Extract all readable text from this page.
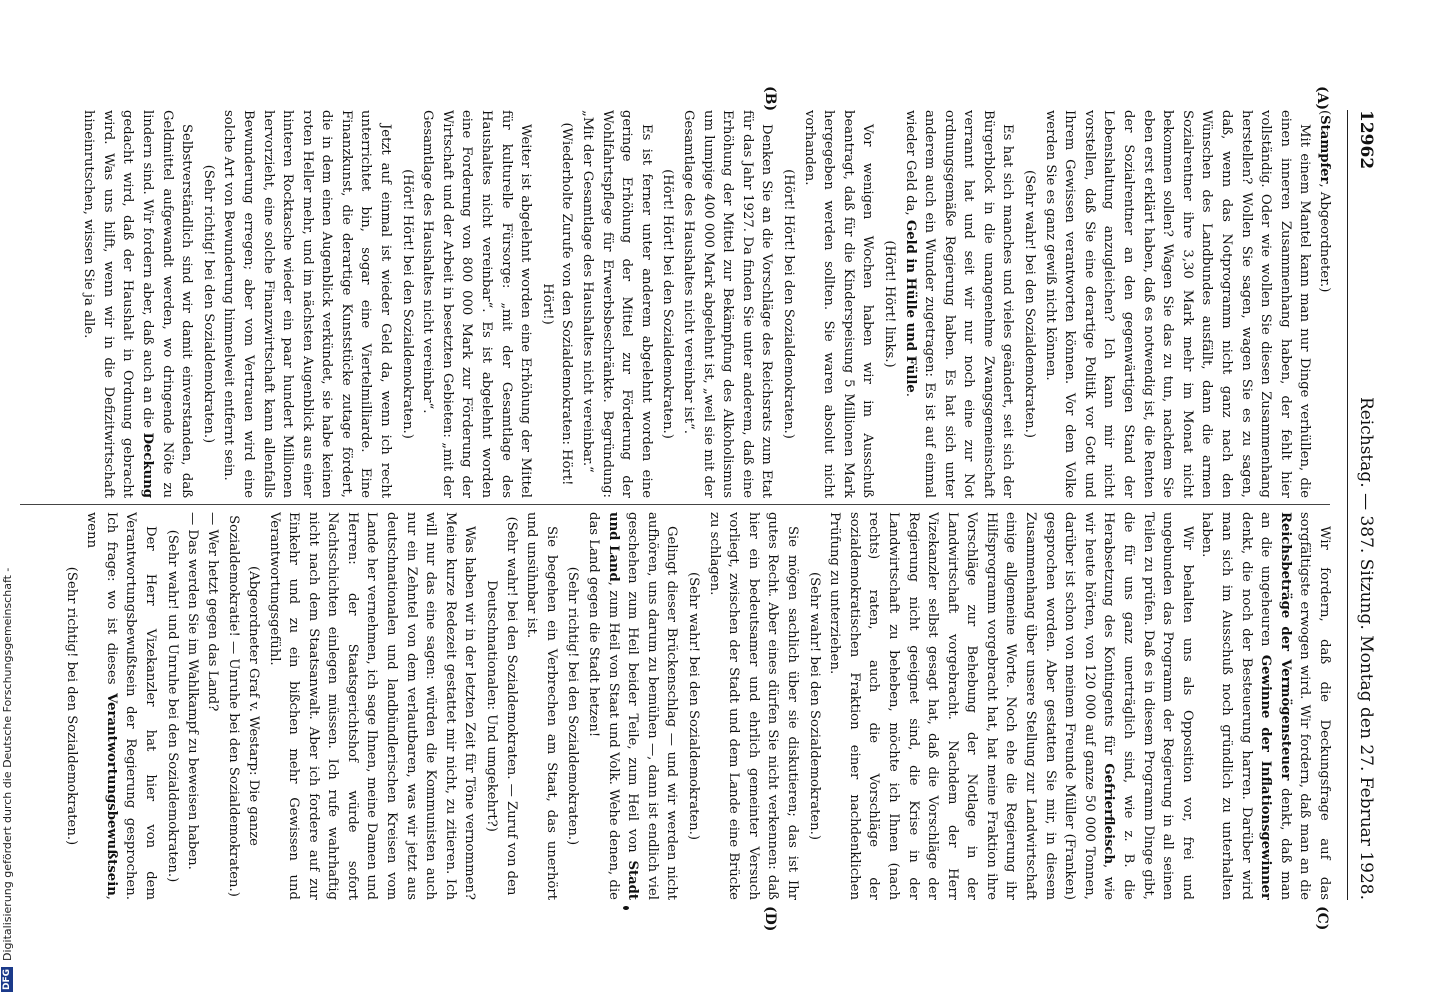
12962
Reichstag. — 387. Sitzung. Montag den 27. Februar 1928.
(A)
(B)
(C)
(D)

(Stampfer, Abgeordneter.)

Mit einem Mantel kann man nur Dinge verhüllen, die einen inneren Zusammenhang haben, der fehlt hier vollständig. Oder wie wollen Sie diesen Zusammenhang herstellen? Wollen Sie sagen, wagen Sie es zu sagen, daß, wenn das Notprogramm nicht ganz nach den Wünschen des Landbundes ausfällt, dann die armen Sozialrentner ihre 3,30 Mark mehr im Monat nicht bekommen sollen? Wagen Sie das zu tun, nachdem Sie eben erst erklärt haben, daß es notwendig ist, die Renten der Sozialrentner an den gegenwärtigen Stand der Lebenshaltung anzugleichen? Ich kann mir nicht vorstellen, daß Sie eine derartige Politik vor Gott und Ihrem Gewissen verantworten können. Vor dem Volke werden Sie es ganz gewiß nicht können.

(Sehr wahr! bei den Sozialdemokraten.)

Es hat sich manches und vieles geändert, seit sich der Bürgerblock in die unangenehme Zwangsgemeinschaft verrannt hat und seit wir nur noch eine zur Not ordnungsgemäße Regierung haben. Es hat sich unter anderem auch ein Wunder zugetragen: Es ist auf einmal wieder Geld da, Geld in Hülle und Fülle.

(Hört! Hört! links.)

Vor wenigen Wochen haben wir im Ausschuß beantragt, daß für die Kinderspeisung 5 Millionen Mark hergegeben werden sollten. Sie waren absolut nicht vorhanden.

(Hört! Hört! bei den Sozialdemokraten.)

Denken Sie an die Vorschläge des Reichsrats zum Etat für das Jahr 1927. Da finden Sie unter anderem, daß eine Erhöhung der Mittel zur Bekämpfung des Alkoholismus um lumpige 400 000 Mark abgelehnt ist, „weil sie mit der Gesamtlage des Haushaltes nicht vereinbar ist“.

(Hört! Hört! bei den Sozialdemokraten.)

Es ist ferner unter anderem abgelehnt worden eine geringe Erhöhung der Mittel zur Förderung der Wohlfahrtspflege für Erwerbsbeschränkte. Begründung: „Mit der Gesamtlage des Haushaltes nicht vereinbar.“

(Wiederholte Zurufe von den Sozialdemokraten: Hört! Hört!)

Weiter ist abgelehnt worden eine Erhöhung der Mittel für kulturelle Fürsorge: „mit der Gesamtlage des Haushaltes nicht vereinbar“. Es ist abgelehnt worden eine Forderung von 800 000 Mark zur Förderung der Wirtschaft und der Arbeit in besetzten Gebieten: „mit der Gesamtlage des Haushaltes nicht vereinbar“.

(Hört! Hört! bei den Sozialdemokraten.)

Jetzt auf einmal ist wieder Geld da, wenn ich recht unterrichtet bin, sogar eine Viertelmilliarde. Eine Finanzkunst, die derartige Kunststücke zutage fördert, die in dem einen Augenblick verkündet, sie habe keinen roten Heller mehr, und im nächsten Augenblick aus einer hinteren Rocktasche wieder ein paar hundert Millionen hervorzieht, eine solche Finanzwirtschaft kann allenfalls Bewunderung erregen; aber vom Vertrauen wird eine solche Art von Bewunderung himmelweit entfernt sein.

(Sehr richtig! bei den Sozialdemokraten.)

Selbstverständlich sind wir damit einverstanden, daß Geldmittel aufgewandt werden, wo dringende Nöte zu lindern sind. Wir fordern aber, daß auch an die Deckung gedacht wird, daß der Haushalt in Ordnung gebracht wird. Was uns hilft, wenn wir in die Defizitwirtschaft hineinrutschen, wissen Sie ja alle.

Wir fordern, daß die Deckungsfrage auf das sorgfältigste erwogen wird. Wir fordern, daß man an die Reichsbeträge der Vermögensteuer denkt, daß man an die ungeheuren Gewinne der Inflationsgewinner denkt, die noch der Besteuerung harren. Darüber wird man sich im Ausschuß noch gründlich zu unterhalten haben.

Wir behalten uns als Opposition vor, frei und ungebunden das Programm der Regierung in all seinen Teilen zu prüfen. Daß es in diesem Programm Dinge gibt, die für uns ganz unerträglich sind, wie z. B. die Herabsetzung des Kontingents für Gefrierfleisch, wie wir heute hörten, von 120 000 auf ganze 50 000 Tonnen, darüber ist schon von meinem Freunde Müller (Franken) gesprochen worden. Aber gestatten Sie mir, in diesem Zusammenhang über unsere Stellung zur Landwirtschaft einige allgemeine Worte. Noch ehe die Regierung ihr Hilfsprogramm vorgebracht hat, hat meine Fraktion ihre Vorschläge zur Behebung der Notlage in der Landwirtschaft vorgebracht. Nachdem der Herr Vizekanzler selbst gesagt hat, daß die Vorschläge der Regierung nicht geeignet sind, die Krise in der Landwirtschaft zu beheben, möchte ich Ihnen (nach rechts) raten, auch die Vorschläge der sozialdemokratischen Fraktion einer nachdenklichen Prüfung zu unterziehen.

(Sehr wahr! bei den Sozialdemokraten.)

Sie mögen sachlich über sie diskutieren; das ist Ihr gutes Recht. Aber eines dürfen Sie nicht verkennen: daß hier ein bedeutsamer und ehrlich gemeinter Versuch vorliegt, zwischen der Stadt und dem Lande eine Brücke zu schlagen.

(Sehr wahr! bei den Sozialdemokraten.)

Gelingt dieser Brückenschlag — und wir werden nicht aufhören, uns darum zu bemühen —, dann ist endlich viel geschehen zum Heil beider Teile, zum Heil von Stadt und Land, zum Heil von Staat und Volk. Wehe denen, die das Land gegen die Stadt hetzen!

(Sehr richtig! bei den Sozialdemokraten.)

Sie begehen ein Verbrechen am Staat, das unerhört und unsühnbar ist.

(Sehr wahr! bei den Sozialdemokraten. — Zuruf von den Deutschnationalen: Und umgekehrt?)

Was haben wir in der letzten Zeit für Töne vernommen? Meine kurze Redezeit gestattet mir nicht, zu zitieren. Ich will nur das eine sagen: würden die Kommunisten auch nur ein Zehntel von dem verlautbaren, was wir jetzt aus deutschnationalen und landbündlerischen Kreisen vom Lande her vernehmen, ich sage Ihnen, meine Damen und Herren: der Staatsgerichtshof würde sofort Nachtschichten einlegen müssen. Ich rufe wahrhaftig nicht nach dem Staatsanwalt. Aber ich fordere auf zur Einkehr und zu ein bißchen mehr Gewissen und Verantwortungsgefühl.

(Abgeordneter Graf v. Westarp: Die ganze Sozialdemokratie! — Unruhe bei den Sozialdemokraten.)

— Wer hetzt gegen das Land?

— Das werden Sie im Wahlkampf zu beweisen haben.

(Sehr wahr! und Unruhe bei den Sozialdemokraten.)

Der Herr Vizekanzler hat hier von dem Verantwortungsbewußtsein der Regierung gesprochen. Ich frage: wo ist dieses Verantwortungsbewußtsein, wenn

(Sehr richtig! bei den Sozialdemokraten.)

DFG
Digitalisierung gefördert durch die Deutsche Forschungsgemeinschaft -
